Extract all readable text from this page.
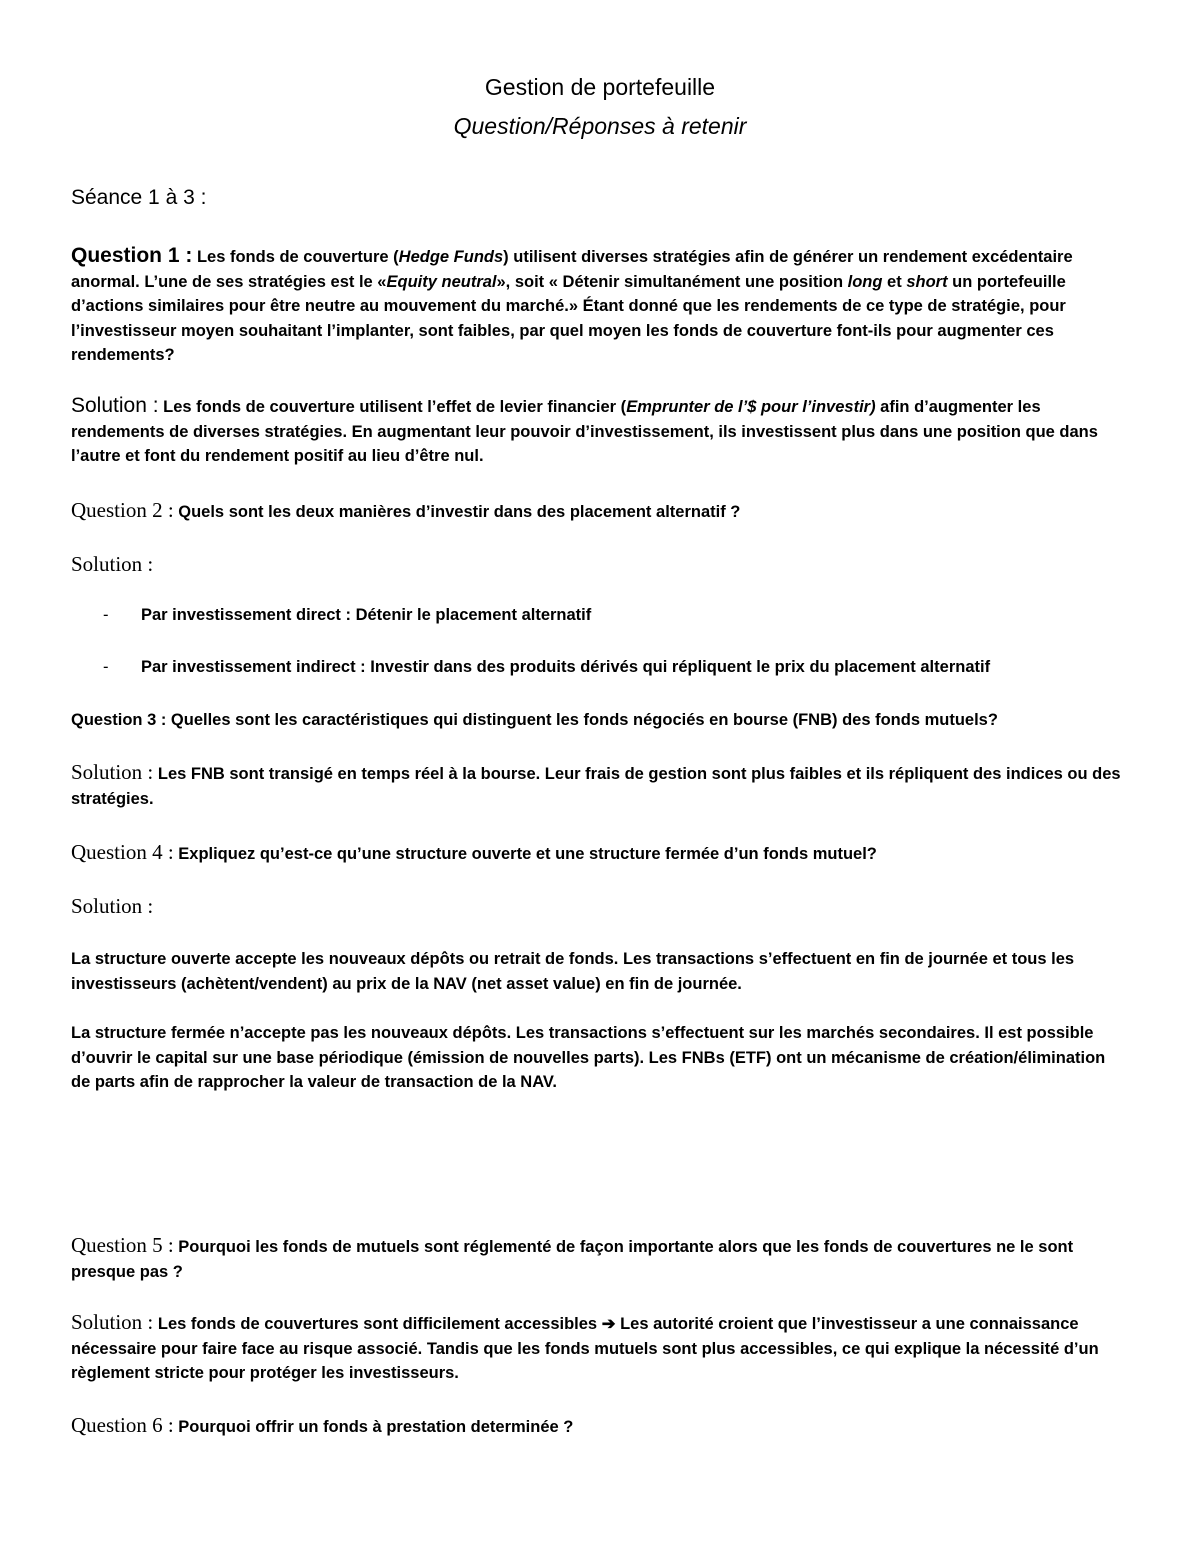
Gestion de portefeuille
Question/Réponses à retenir
Séance 1 à 3 :
Question 1 : Les fonds de couverture (Hedge Funds) utilisent diverses stratégies afin de générer un rendement excédentaire anormal. L’une de ses stratégies est le «Equity neutral», soit « Détenir simultanément une position long et short un portefeuille d’actions similaires pour être neutre au mouvement du marché.» Étant donné que les rendements de ce type de stratégie, pour l’investisseur moyen souhaitant l’implanter, sont faibles, par quel moyen les fonds de couverture font-ils pour augmenter ces rendements?
Solution : Les fonds de couverture utilisent l’effet de levier financier (Emprunter de l’$ pour l’investir) afin d’augmenter les rendements de diverses stratégies. En augmentant leur pouvoir d’investissement, ils investissent plus dans une position que dans l’autre et font du rendement positif au lieu d’être nul.
Question 2 : Quels sont les deux manières d’investir dans des placement alternatif ?
Solution :
- Par investissement direct : Détenir le placement alternatif
- Par investissement indirect : Investir dans des produits dérivés qui répliquent le prix du placement alternatif
Question 3 : Quelles sont les caractéristiques qui distinguent les fonds négociés en bourse (FNB) des fonds mutuels?
Solution : Les FNB sont transigé en temps réel à la bourse. Leur frais de gestion sont plus faibles et ils répliquent des indices ou des stratégies.
Question 4 : Expliquez qu’est-ce qu’une structure ouverte et une structure fermée d’un fonds mutuel?
Solution :
La structure ouverte accepte les nouveaux dépôts ou retrait de fonds. Les transactions s’effectuent en fin de journée et tous les investisseurs (achètent/vendent) au prix de la NAV (net asset value) en fin de journée.
La structure fermée n’accepte pas les nouveaux dépôts. Les transactions s’effectuent sur les marchés secondaires. Il est possible d’ouvrir le capital sur une base périodique (émission de nouvelles parts). Les FNBs (ETF) ont un mécanisme de création/élimination de parts afin de rapprocher la valeur de transaction de la NAV.
Question 5 : Pourquoi les fonds de mutuels sont réglementé de façon importante alors que les fonds de couvertures ne le sont presque pas ?
Solution : Les fonds de couvertures sont difficilement accessibles ➔ Les autorité croient que l’investisseur a une connaissance nécessaire pour faire face au risque associé. Tandis que les fonds mutuels sont plus accessibles, ce qui explique la nécessité d’un règlement stricte pour protéger les investisseurs.
Question 6 : Pourquoi offrir un fonds à prestation determinée ?
